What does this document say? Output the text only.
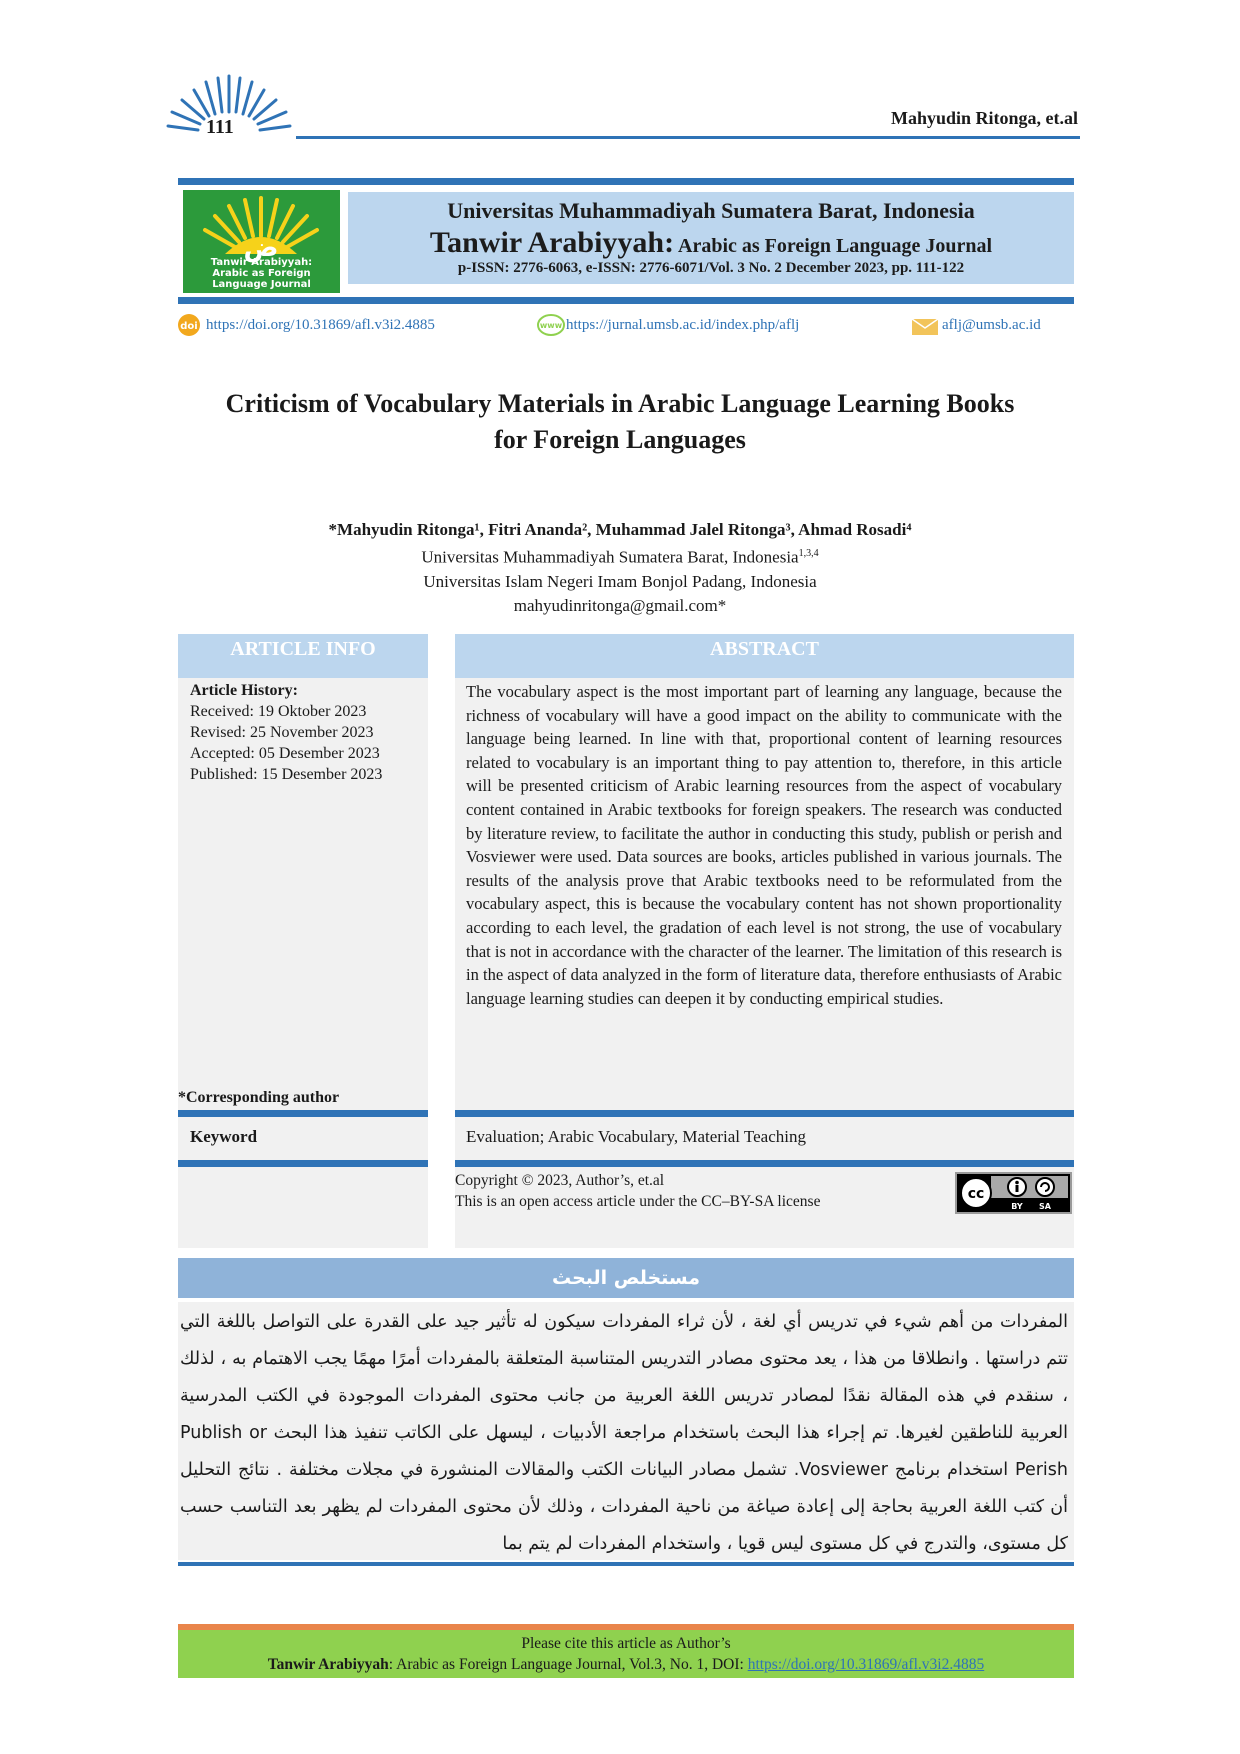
111	Mahyudin Ritonga, et.al
ض
Tanwir Arabiyyah:
Arabic as Foreign
Language Journal
Universitas Muhammadiyah Sumatera Barat, Indonesia
Tanwir Arabiyyah: Arabic as Foreign Language Journal
p-ISSN: 2776-6063, e-ISSN: 2776-6071/Vol. 3 No. 2 December 2023, pp. 111-122
doi https://doi.org/10.31869/afl.v3i2.4885	www https://jurnal.umsb.ac.id/index.php/aflj	aflj@umsb.ac.id
Criticism of Vocabulary Materials in Arabic Language Learning Books
for Foreign Languages
*Mahyudin Ritonga¹, Fitri Ananda², Muhammad Jalel Ritonga³, Ahmad Rosadi⁴
Universitas Muhammadiyah Sumatera Barat, Indonesia$^{1,3,4}$
Universitas Islam Negeri Imam Bonjol Padang, Indonesia
mahyudinritonga@gmail.com*
ARTICLE INFO	ABSTRACT
Article History:
Received: 19 Oktober 2023
Revised: 25 November 2023
Accepted: 05 Desember 2023
Published: 15 Desember 2023
The vocabulary aspect is the most important part of learning any language, because the richness of vocabulary will have a good impact on the ability to communicate with the language being learned. In line with that, proportional content of learning resources related to vocabulary is an important thing to pay attention to, therefore, in this article will be presented criticism of Arabic learning resources from the aspect of vocabulary content contained in Arabic textbooks for foreign speakers. The research was conducted by literature review, to facilitate the author in conducting this study, publish or perish and Vosviewer were used. Data sources are books, articles published in various journals. The results of the analysis prove that Arabic textbooks need to be reformulated from the vocabulary aspect, this is because the vocabulary content has not shown proportionality according to each level, the gradation of each level is not strong, the use of vocabulary that is not in accordance with the character of the learner. The limitation of this research is in the aspect of data analyzed in the form of literature data, therefore enthusiasts of Arabic language learning studies can deepen it by conducting empirical studies.
*Corresponding author
Keyword	Evaluation; Arabic Vocabulary, Material Teaching
Copyright © 2023, Author’s, et.al
This is an open access article under the CC–BY-SA license	cc
BY SA
مستخلص البحث
المفردات من أهم شيء في تدريس أي لغة ، لأن ثراء المفردات سيكون له تأثير جيد على القدرة على التواصل باللغة التي تتم دراستها . وانطلاقا من هذا ، يعد محتوى مصادر التدريس المتناسبة المتعلقة بالمفردات أمرًا مهمًا يجب الاهتمام به ، لذلك ، سنقدم في هذه المقالة نقدًا لمصادر تدريس اللغة العربية من جانب محتوى المفردات الموجودة في الكتب المدرسية العربية للناطقين لغيرها. تم إجراء هذا البحث باستخدام مراجعة الأدبيات ، ليسهل على الكاتب تنفيذ هذا البحث Publish or Perish استخدام برنامج Vosviewer. تشمل مصادر البيانات الكتب والمقالات المنشورة في مجلات مختلفة . نتائج التحليل أن كتب اللغة العربية بحاجة إلى إعادة صياغة من ناحية المفردات ، وذلك لأن محتوى المفردات لم يظهر بعد التناسب حسب كل مستوى، والتدرج في كل مستوى ليس قويا ، واستخدام المفردات لم يتم بما
Please cite this article as Author’s
Tanwir Arabiyyah: Arabic as Foreign Language Journal, Vol.3, No. 1, DOI: https://doi.org/10.31869/afl.v3i2.4885
